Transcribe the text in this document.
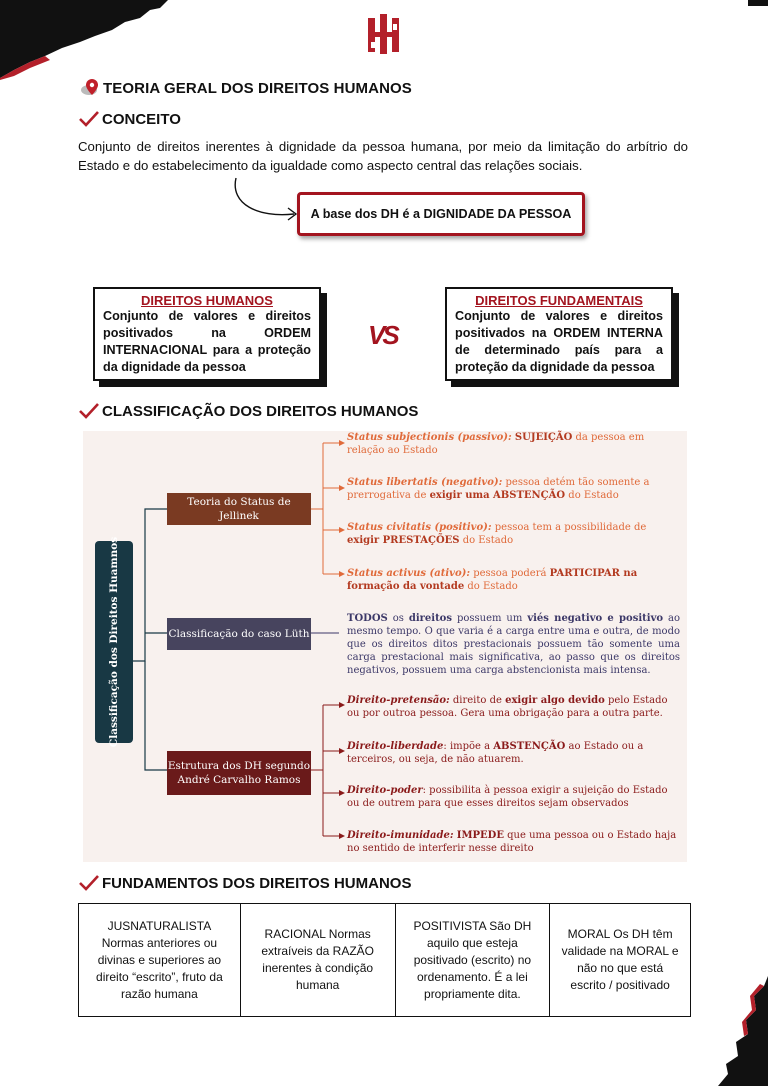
TEORIA GERAL DOS DIREITOS HUMANOS
CONCEITO
Conjunto de direitos inerentes à dignidade da pessoa humana, por meio da limitação do arbítrio do Estado e do estabelecimento da igualdade como aspecto central das relações sociais.
A base dos DH é a DIGNIDADE DA PESSOA
DIREITOS HUMANOS
Conjunto de valores e direitos positivados na ORDEM INTERNACIONAL para a proteção da dignidade da pessoa
VS
DIREITOS FUNDAMENTAIS
Conjunto de valores e direitos positivados na ORDEM INTERNA de determinado país para a proteção da dignidade da pessoa
CLASSIFICAÇÃO DOS DIREITOS HUMANOS
Classificação dos Direitos Huamnos
Teoria do Status de Jellinek
Classificação do caso Lüth
Estrutura dos DH segundo André Carvalho Ramos
Status subjectionis (passivo): SUJEIÇÃO da pessoa em relação ao Estado
Status libertatis (negativo): pessoa detém tão somente a prerrogativa de exigir uma ABSTENÇÃO do Estado
Status civitatis (positivo): pessoa tem a possibilidade de exigir PRESTAÇÕES do Estado
Status activus (ativo): pessoa poderá PARTICIPAR na formação da vontade do Estado
TODOS os direitos possuem um viés negativo e positivo ao mesmo tempo. O que varia é a carga entre uma e outra, de modo que os direitos ditos prestacionais possuem tão somente uma carga prestacional mais significativa, ao passo que os direitos negativos, possuem uma carga abstencionista mais intensa.
Direito-pretensão: direito de exigir algo devido pelo Estado ou por outroa pessoa. Gera uma obrigação para a outra parte.
Direito-liberdade: impõe a ABSTENÇÃO ao Estado ou a terceiros, ou seja, de não atuarem.
Direito-poder: possibilita à pessoa exigir a sujeição do Estado ou de outrem para que esses direitos sejam observados
Direito-imunidade: IMPEDE que uma pessoa ou o Estado haja no sentido de interferir nesse direito
FUNDAMENTOS DOS DIREITOS HUMANOS
JUSNATURALISTA Normas anteriores ou divinas e superiores ao direito “escrito”, fruto da razão humana	RACIONAL Normas extraíveis da RAZÃO inerentes à condição humana	POSITIVISTA São DH aquilo que esteja positivado (escrito) no ordenamento. É a lei propriamente dita.	MORAL Os DH têm validade na MORAL e não no que está escrito / positivado
